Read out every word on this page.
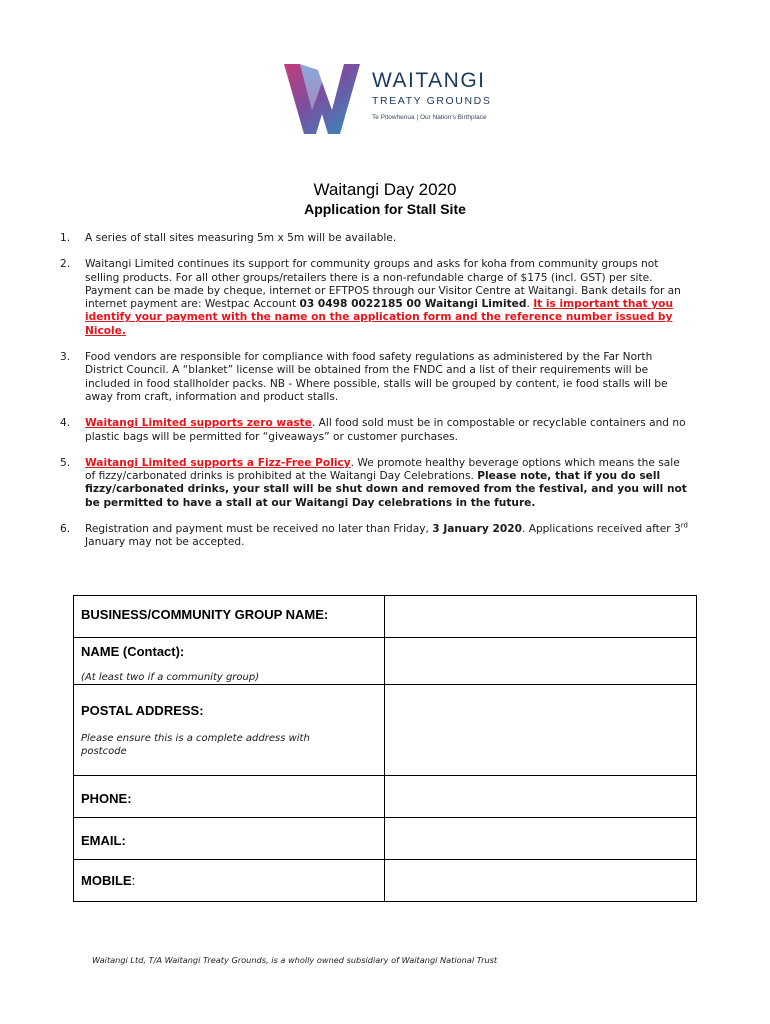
WAITANGI
TREATY GROUNDS
Te Pitowhenua | Our Nation's Birthplace
Waitangi Day 2020
Application for Stall Site
1. A series of stall sites measuring 5m x 5m will be available.
2. Waitangi Limited continues its support for community groups and asks for koha from community groups not selling products. For all other groups/retailers there is a non-refundable charge of $175 (incl. GST) per site. Payment can be made by cheque, internet or EFTPOS through our Visitor Centre at Waitangi. Bank details for an internet payment are: Westpac Account 03 0498 0022185 00 Waitangi Limited. It is important that you identify your payment with the name on the application form and the reference number issued by Nicole.
3. Food vendors are responsible for compliance with food safety regulations as administered by the Far North District Council. A “blanket” license will be obtained from the FNDC and a list of their requirements will be included in food stallholder packs. NB - Where possible, stalls will be grouped by content, ie food stalls will be away from craft, information and product stalls.
4. Waitangi Limited supports zero waste. All food sold must be in compostable or recyclable containers and no plastic bags will be permitted for “giveaways” or customer purchases.
5. Waitangi Limited supports a Fizz-Free Policy. We promote healthy beverage options which means the sale of fizzy/carbonated drinks is prohibited at the Waitangi Day Celebrations. Please note, that if you do sell fizzy/carbonated drinks, your stall will be shut down and removed from the festival, and you will not be permitted to have a stall at our Waitangi Day celebrations in the future.
6. Registration and payment must be received no later than Friday, 3 January 2020. Applications received after 3rd January may not be accepted.
BUSINESS/COMMUNITY GROUP NAME:	

NAME (Contact):
(At least two if a community group)	

POSTAL ADDRESS:
Please ensure this is a complete address with postcode	

PHONE:	

EMAIL:	

MOBILE:	

Waitangi Ltd, T/A Waitangi Treaty Grounds, is a wholly owned subsidiary of Waitangi National Trust
